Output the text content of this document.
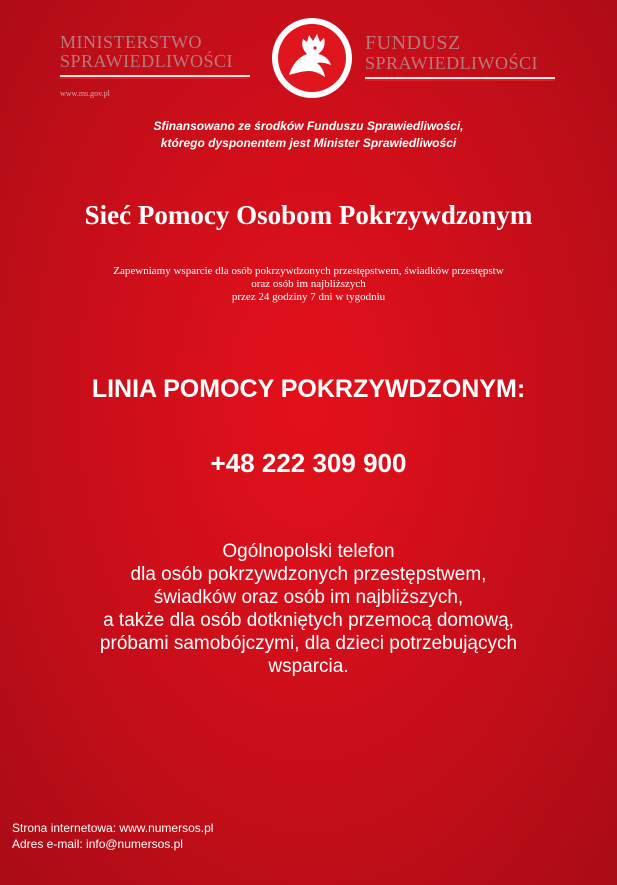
MINISTERSTWO
SPRAWIEDLIWOŚCI
www.ms.gov.pl
FUNDUSZ
SPRAWIEDLIWOŚCI
Sfinansowano ze środków Funduszu Sprawiedliwości,
którego dysponentem jest Minister Sprawiedliwości
Sieć Pomocy Osobom Pokrzywdzonym
Zapewniamy wsparcie dla osób pokrzywdzonych przestępstwem, świadków przestępstw
oraz osób im najbliższych
przez 24 godziny 7 dni w tygodniu
LINIA POMOCY POKRZYWDZONYM:
+48 222 309 900
Ogólnopolski telefon
dla osób pokrzywdzonych przestępstwem,
świadków oraz osób im najbliższych,
a także dla osób dotkniętych przemocą domową,
próbami samobójczymi, dla dzieci potrzebujących
wsparcia.
Strona internetowa: www.numersos.pl
Adres e-mail: info@numersos.pl
